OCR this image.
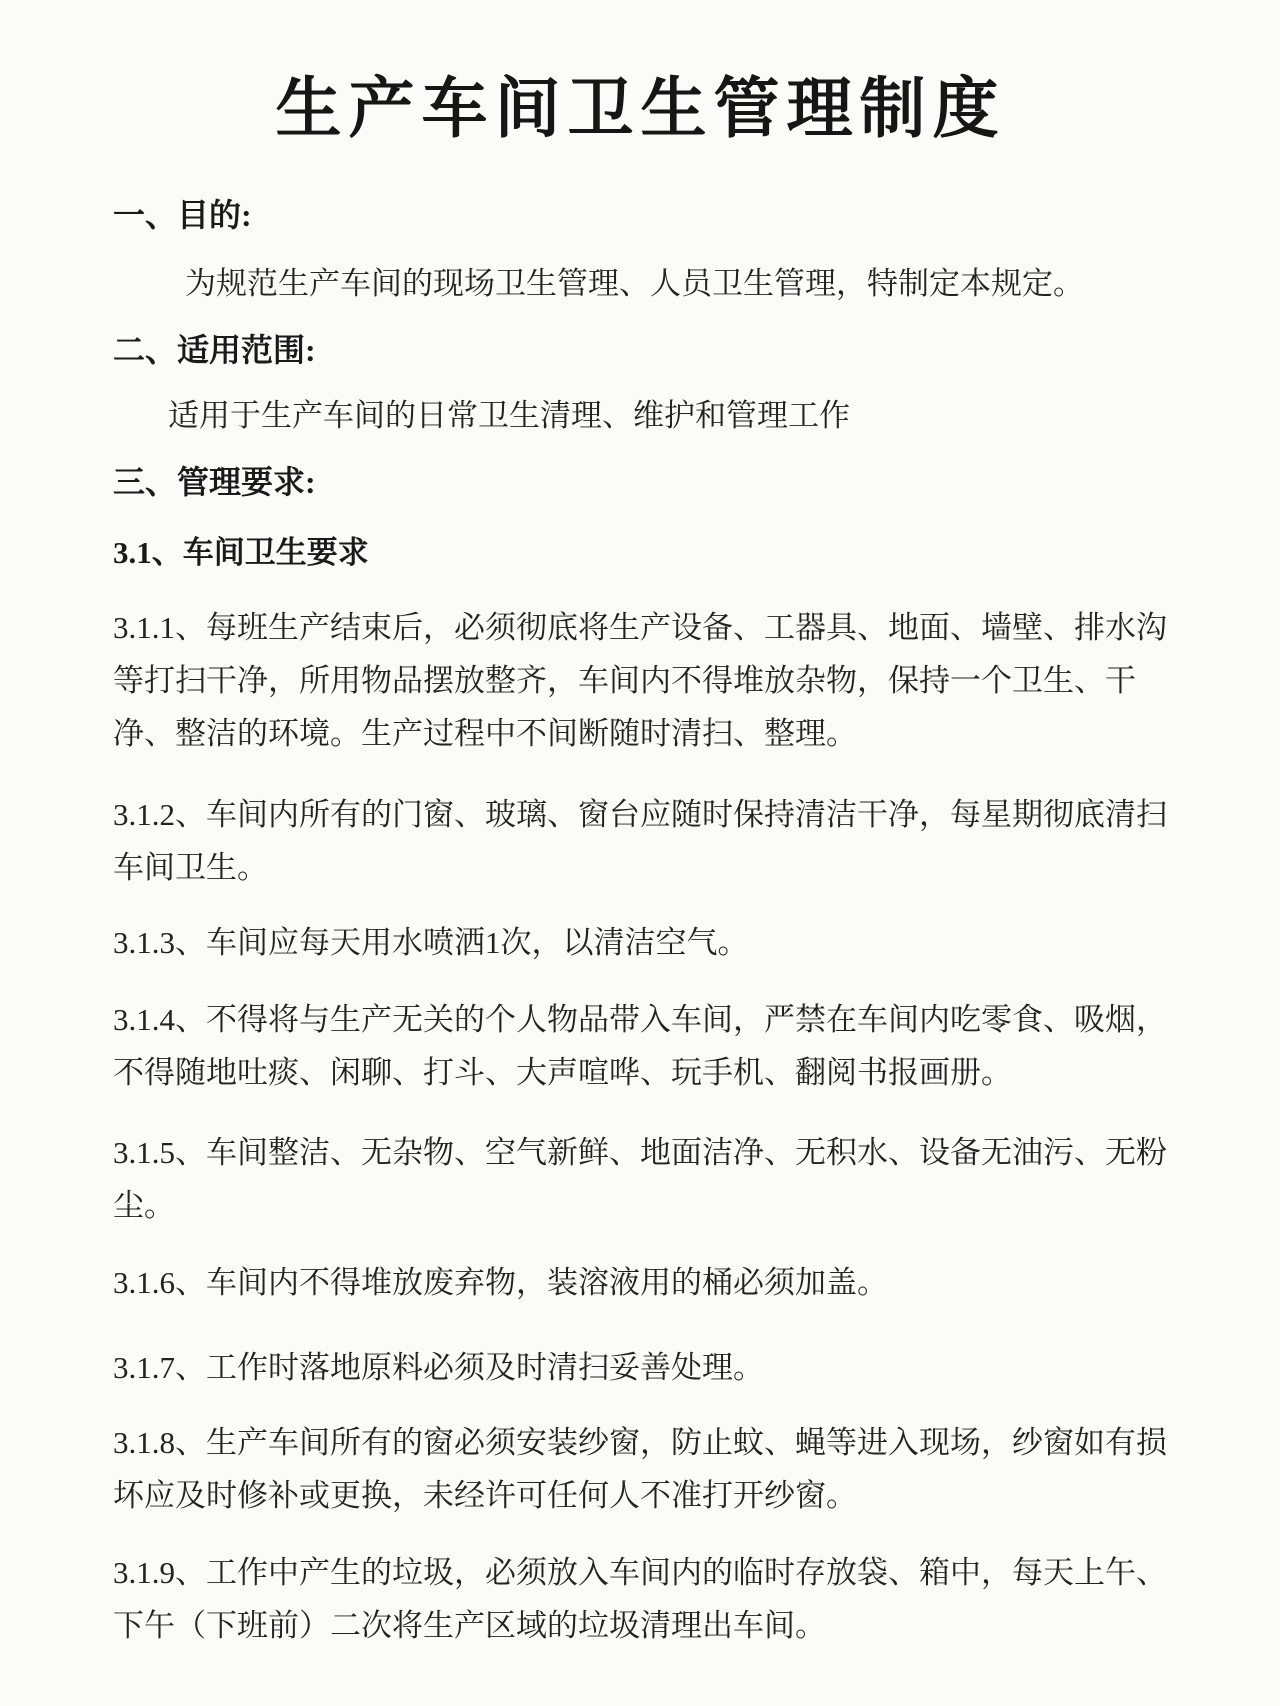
生产车间卫生管理制度

一、目的:

为规范生产车间的现场卫生管理、人员卫生管理，特制定本规定。

二、适用范围:

适用于生产车间的日常卫生清理、维护和管理工作

三、管理要求:

3.1、车间卫生要求

3.1.1、每班生产结束后，必须彻底将生产设备、工器具、地面、墙壁、排水沟等打扫干净，所用物品摆放整齐，车间内不得堆放杂物，保持一个卫生、干净、整洁的环境。生产过程中不间断随时清扫、整理。

3.1.2、车间内所有的门窗、玻璃、窗台应随时保持清洁干净，每星期彻底清扫车间卫生。

3.1.3、车间应每天用水喷洒1次，以清洁空气。

3.1.4、不得将与生产无关的个人物品带入车间，严禁在车间内吃零食、吸烟，不得随地吐痰、闲聊、打斗、大声喧哗、玩手机、翻阅书报画册。

3.1.5、车间整洁、无杂物、空气新鲜、地面洁净、无积水、设备无油污、无粉尘。

3.1.6、车间内不得堆放废弃物，装溶液用的桶必须加盖。

3.1.7、工作时落地原料必须及时清扫妥善处理。

3.1.8、生产车间所有的窗必须安装纱窗，防止蚊、蝇等进入现场，纱窗如有损坏应及时修补或更换，未经许可任何人不准打开纱窗。

3.1.9、工作中产生的垃圾，必须放入车间内的临时存放袋、箱中，每天上午、下午（下班前）二次将生产区域的垃圾清理出车间。
